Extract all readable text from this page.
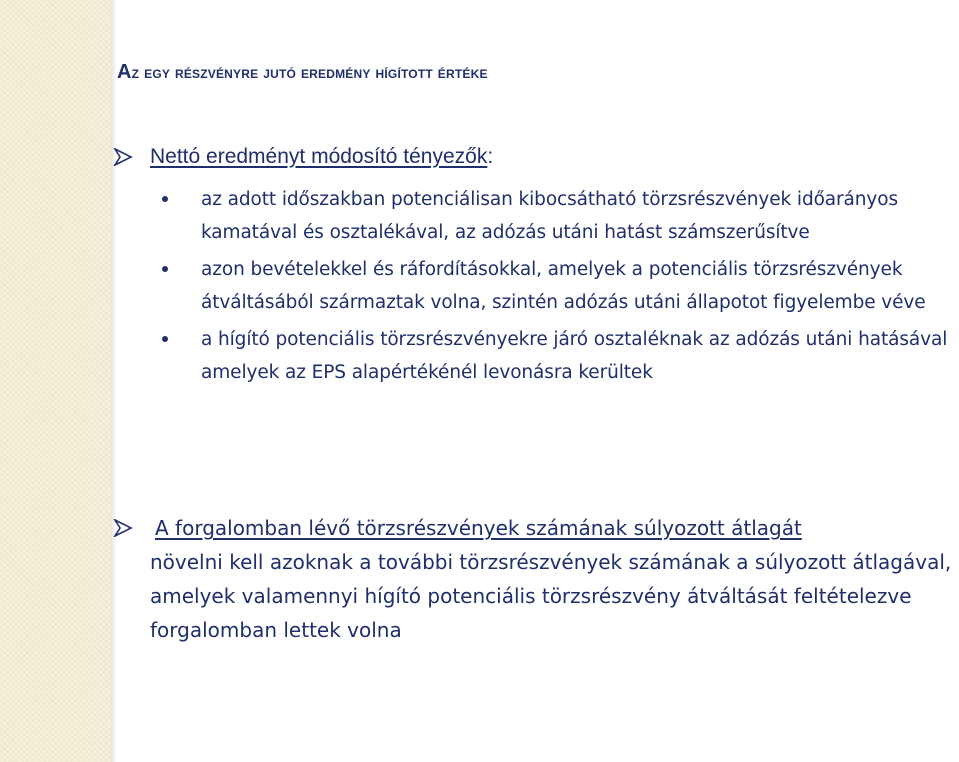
Az egy részvényre jutó eredmény hígított értéke
Nettó eredményt módosító tényezők:
az adott időszakban potenciálisan kibocsátható törzsrészvények időarányos kamatával és osztalékával, az adózás utáni hatást számszerűsítve
azon bevételekkel és ráfordításokkal, amelyek a potenciális törzsrészvények átváltásából származtak volna, szintén adózás utáni állapotot figyelembe véve
a hígító potenciális törzsrészvényekre járó osztaléknak az adózás utáni hatásával amelyek az EPS alapértékénél levonásra kerültek
A forgalomban lévő törzsrészvények számának súlyozott átlagát
növelni kell azoknak a további törzsrészvények számának a súlyozott átlagával, amelyek valamennyi hígító potenciális törzsrészvény átváltását feltételezve forgalomban lettek volna
